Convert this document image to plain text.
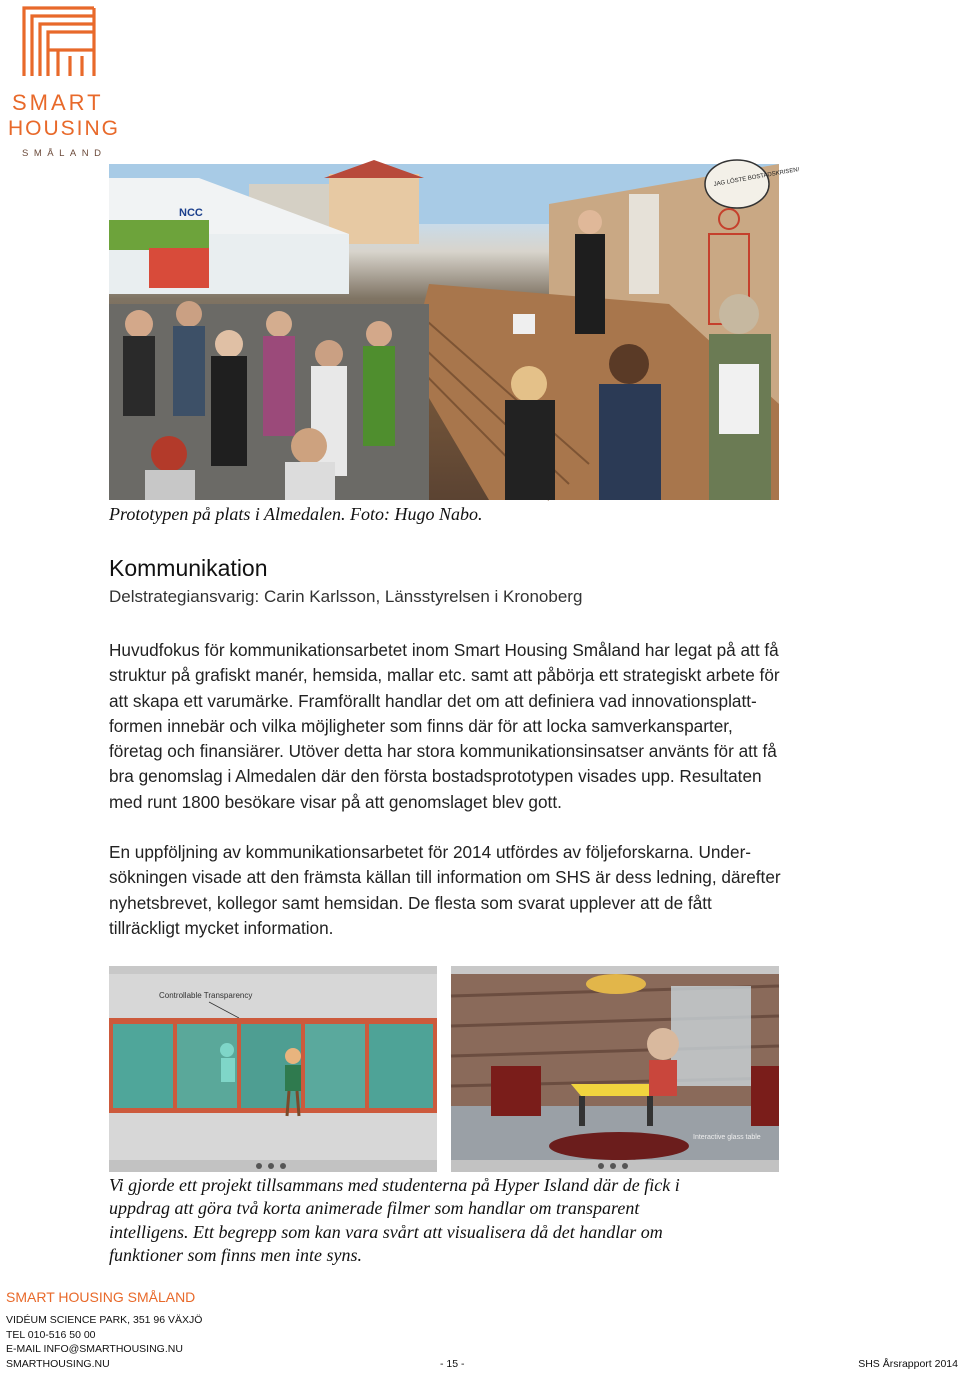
SMART
HOUSING
SMÅLAND
NCC
JAG LÖSTE BOSTADSKRISEN!
Prototypen på plats i Almedalen. Foto: Hugo Nabo.
Kommunikation
Delstrategiansvarig: Carin Karlsson, Länsstyrelsen i Kronoberg
Huvudfokus för kommunikationsarbetet inom Smart Housing Småland har legat på att få
struktur på grafiskt manér, hemsida, mallar etc. samt att påbörja ett strategiskt arbete för
att skapa ett varumärke. Framförallt handlar det om att definiera vad innovationsplatt-
formen innebär och vilka möjligheter som finns där för att locka samverkansparter,
företag och finansiärer. Utöver detta har stora kommunikationsinsatser använts för att få
bra genomslag i Almedalen där den första bostadsprototypen visades upp. Resultaten
med runt 1800 besökare visar på att genomslaget blev gott.
En uppföljning av kommunikationsarbetet för 2014 utfördes av följeforskarna. Under-
sökningen visade att den främsta källan till information om SHS är dess ledning, därefter
nyhetsbrevet, kollegor samt hemsidan. De flesta som svarat upplever att de fått
tillräckligt mycket information.
Controllable Transparency
Interactive glass table
Vi gjorde ett projekt tillsammans med studenterna på Hyper Island där de fick i
uppdrag att göra två korta animerade filmer som handlar om transparent
intelligens. Ett begrepp som kan vara svårt att visualisera då det handlar om
funktioner som finns men inte syns.
SMART HOUSING SMÅLAND
VIDÉUM SCIENCE PARK, 351 96 VÄXJÖ
TEL 010-516 50 00
E-MAIL INFO@SMARTHOUSING.NU
SMARTHOUSING.NU	- 15 -	SHS Årsrapport 2014
